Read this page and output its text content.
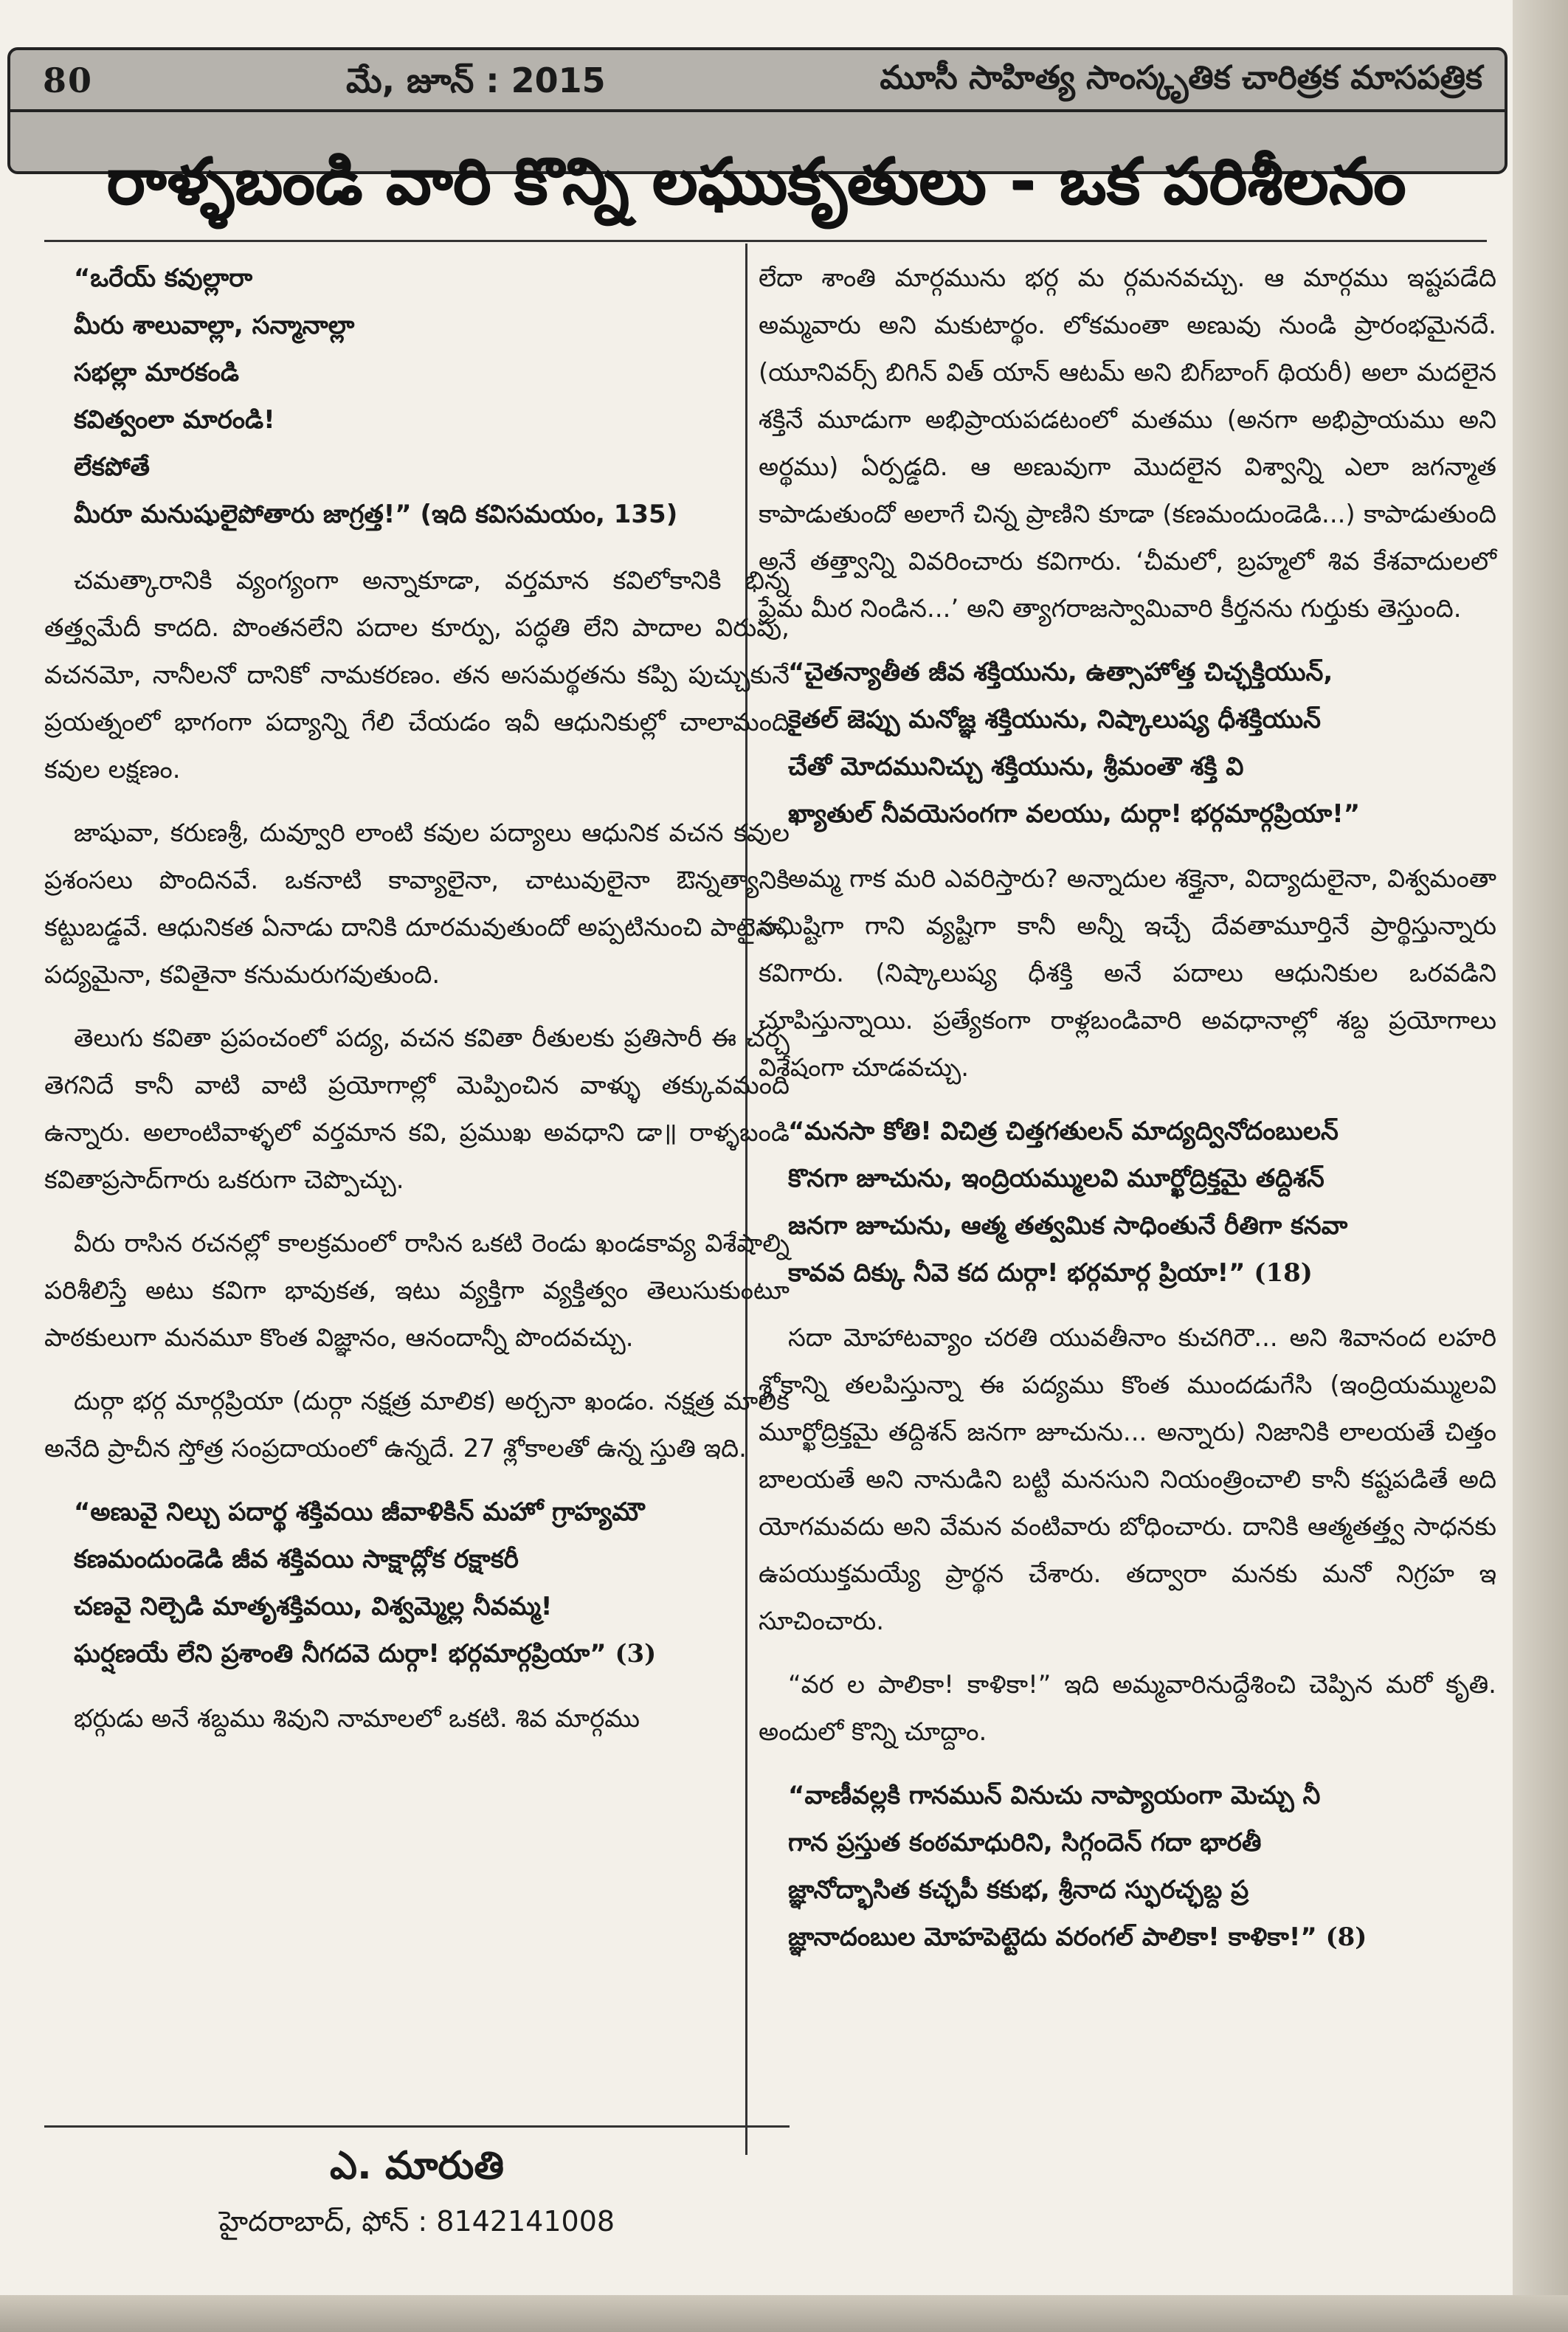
80	మే, జూన్ : 2015	మూసీ సాహిత్య సాంస్కృతిక చారిత్రక మాసపత్రిక
రాళ్ళబండి వారి కొన్ని లఘుకృతులు - ఒక పరిశీలనం
“ఒరేయ్ కవుల్లారా
మీరు శాలువాల్లా, సన్మానాల్లా
సభల్లా మారకండి
కవిత్వంలా మారండి!
లేకపోతే
మీరూ మనుషులైపోతారు జాగ్రత్త!” (ఇది కవిసమయం, 135)

చమత్కారానికి వ్యంగ్యంగా అన్నాకూడా, వర్తమాన కవిలోకానికి భిన్న తత్త్వమేదీ కాదది. పొంతనలేని పదాల కూర్పు, పద్ధతి లేని పాదాల విరుపు, వచనమో, నానీలనో దానికో నామకరణం. తన అసమర్థతను కప్పి పుచ్చుకునే ప్రయత్నంలో భాగంగా పద్యాన్ని గేలి చేయడం ఇవీ ఆధునికుల్లో చాలామంది కవుల లక్షణం.

జాషువా, కరుణశ్రీ, దువ్వూరి లాంటి కవుల పద్యాలు ఆధునిక వచన కవుల ప్రశంసలు పొందినవే. ఒకనాటి కావ్యాలైనా, చాటువులైనా ఔన్నత్యానికి కట్టుబడ్డవే. ఆధునికత ఏనాడు దానికి దూరమవుతుందో అప్పటినుంచి పాటైనా, పద్యమైనా, కవితైనా కనుమరుగవుతుంది.

తెలుగు కవితా ప్రపంచంలో పద్య, వచన కవితా రీతులకు ప్రతిసారీ ఈ చర్చ తెగనిదే కానీ వాటి వాటి ప్రయోగాల్లో మెప్పించిన వాళ్ళు తక్కువమంది ఉన్నారు. అలాంటివాళ్ళలో వర్తమాన కవి, ప్రముఖ అవధాని డా॥ రాళ్ళబండి కవితాప్రసాద్‌గారు ఒకరుగా చెప్పొచ్చు.

వీరు రాసిన రచనల్లో కాలక్రమంలో రాసిన ఒకటి రెండు ఖండకావ్య విశేషాల్ని పరిశీలిస్తే అటు కవిగా భావుకత, ఇటు వ్యక్తిగా వ్యక్తిత్వం తెలుసుకుంటూ పాఠకులుగా మనమూ కొంత విజ్ఞానం, ఆనందాన్నీ పొందవచ్చు.

దుర్గా భర్గ మార్గప్రియా (దుర్గా నక్షత్ర మాలిక) అర్చనా ఖండం. నక్షత్ర మాలిక అనేది ప్రాచీన స్తోత్ర సంప్రదాయంలో ఉన్నదే. 27 శ్లోకాలతో ఉన్న స్తుతి ఇది.

“అణువై నిల్చు పదార్థ శక్తివయి జీవాళికిన్ మహో గ్రాహ్యమౌ
కణమందుండెడి జీవ శక్తివయి సాక్షాద్లోక రక్షాకరీ
చణవై నిల్చెడి మాతృశక్తివయి, విశ్వమ్మెల్ల నీవమ్మ!
ఘర్షణయే లేని ప్రశాంతి నీగదవె దుర్గా! భర్గమార్గప్రియా” (3)

భర్గుడు అనే శబ్దము శివుని నామాలలో ఒకటి. శివ మార్గము

ఎ. మారుతి
హైదరాబాద్, ఫోన్ : 8142141008

లేదా శాంతి మార్గమును భర్గ మ ర్గమనవచ్చు. ఆ మార్గము ఇష్టపడేది అమ్మవారు అని మకుటార్థం. లోకమంతా అణువు నుండి ప్రారంభమైనదే. (యూనివర్స్ బిగిన్ విత్ యాన్ ఆటమ్ అని బిగ్‌బాంగ్ థియరీ) అలా మదలైన శక్తినే మూడుగా అభిప్రాయపడటంలో మతము (అనగా అభిప్రాయము అని అర్థము) ఏర్పడ్డది. ఆ అణువుగా మొదలైన విశ్వాన్ని ఎలా జగన్మాత కాపాడుతుందో అలాగే చిన్న ప్రాణిని కూడా (కణమందుండెడి...) కాపాడుతుంది అనే తత్త్వాన్ని వివరించారు కవిగారు. ‘చీమలో, బ్రహ్మలో శివ కేశవాదులలో ప్రేమ మీర నిండిన...’ అని త్యాగరాజస్వామివారి కీర్తనను గుర్తుకు తెస్తుంది.

“చైతన్యాతీత జీవ శక్తియును, ఉత్సాహోత్త చిచ్ఛక్తియున్,
కైతల్ జెప్పు మనోజ్ఞ శక్తియును, నిష్కాలుష్య ధీశక్తియున్
చేతో మోదమునిచ్చు శక్తియును, శ్రీమంతౌ శక్తి వి
ఖ్యాతుల్ నీవయెసంగగా వలయు, దుర్గా! భర్గమార్గప్రియా!”

అమ్మ గాక మరి ఎవరిస్తారు? అన్నాదుల శక్తైనా, విద్యాదులైనా, విశ్వమంతా సమిష్టిగా గాని వ్యష్టిగా కానీ అన్నీ ఇచ్చే దేవతామూర్తినే ప్రార్థిస్తున్నారు కవిగారు. (నిష్కాలుష్య ధీశక్తి అనే పదాలు ఆధునికుల ఒరవడిని చూపిస్తున్నాయి. ప్రత్యేకంగా రాళ్లబండివారి అవధానాల్లో శబ్ద ప్రయోగాలు విశేషంగా చూడవచ్చు.

“మనసా కోతి! విచిత్ర చిత్తగతులన్ మాద్యద్వినోదంబులన్
కొనగా జూచును, ఇంద్రియమ్ములవి మూర్ఖోద్రిక్తమై తద్దిశన్
జనగా జూచును, ఆత్మ తత్వమిక సాధింతునే రీతిగా కనవా
కావవ దిక్కు నీవె కద దుర్గా! భర్గమార్గ ప్రియా!” (18)

సదా మోహాటవ్యాం చరతి యువతీనాం కుచగిరౌ... అని శివానంద లహరి శ్లోకాన్ని తలపిస్తున్నా ఈ పద్యము కొంత ముందడుగేసి (ఇంద్రియమ్ములవి మూర్ఖోద్రిక్తమై తద్దిశన్ జనగా జూచును... అన్నారు) నిజానికి లాలయతే చిత్తం బాలయతే అని నానుడిని బట్టి మనసుని నియంత్రించాలి కానీ కష్టపడితే అది యోగమవదు అని వేమన వంటివారు బోధించారు. దానికి ఆత్మతత్త్వ సాధనకు ఉపయుక్తమయ్యే ప్రార్థన చేశారు. తద్వారా మనకు మనో నిగ్రహ ఇ సూచించారు.

“వర ల పాలికా! కాళికా!” ఇది అమ్మవారినుద్దేశించి చెప్పిన మరో కృతి. అందులో కొన్ని చూద్దాం.

“వాణీవల్లకి గానమున్ వినుచు నాప్యాయంగా మెచ్చు నీ
గాన ప్రస్తుత కంఠమాధురిని, సిగ్గందెన్ గదా భారతీ
జ్ఞానోద్భాసిత కచ్ఛపీ కకుభ, శ్రీనాద స్ఫురచ్ఛబ్ద ప్ర
జ్ఞానాదంబుల మోహపెట్టెదు వరంగల్ పాలికా! కాళికా!” (8)
